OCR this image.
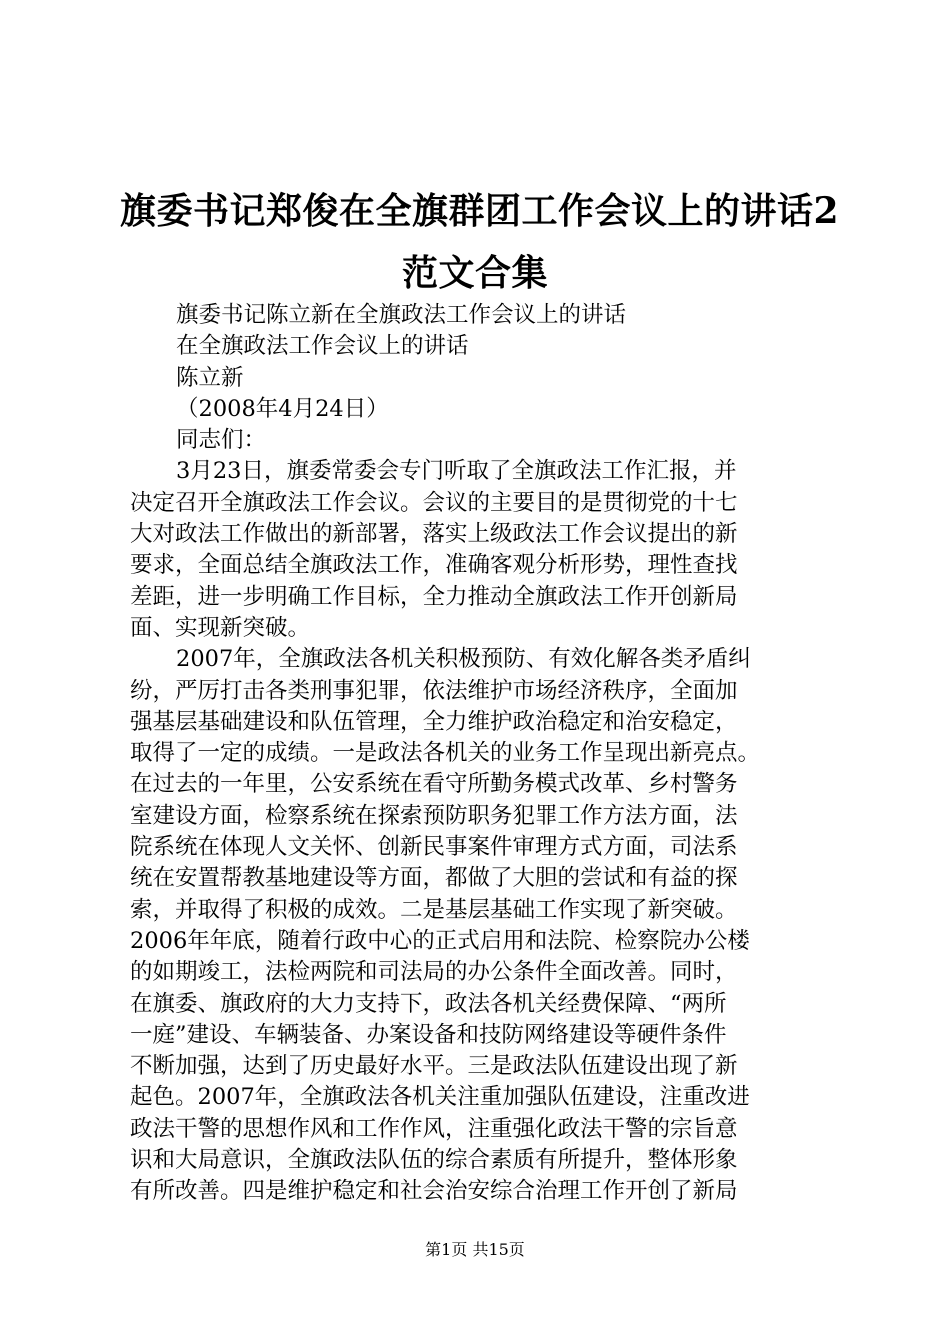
旗委书记郑俊在全旗群团工作会议上的讲话2
范文合集
旗委书记陈立新在全旗政法工作会议上的讲话
在全旗政法工作会议上的讲话
陈立新
（2008年4月24日）
同志们：
3月23日，旗委常委会专门听取了全旗政法工作汇报，并
决定召开全旗政法工作会议。会议的主要目的是贯彻党的十七
大对政法工作做出的新部署，落实上级政法工作会议提出的新
要求，全面总结全旗政法工作，准确客观分析形势，理性查找
差距，进一步明确工作目标，全力推动全旗政法工作开创新局
面、实现新突破。
2007年，全旗政法各机关积极预防、有效化解各类矛盾纠
纷，严厉打击各类刑事犯罪，依法维护市场经济秩序，全面加
强基层基础建设和队伍管理，全力维护政治稳定和治安稳定，
取得了一定的成绩。一是政法各机关的业务工作呈现出新亮点。
在过去的一年里，公安系统在看守所勤务模式改革、乡村警务
室建设方面，检察系统在探索预防职务犯罪工作方法方面，法
院系统在体现人文关怀、创新民事案件审理方式方面，司法系
统在安置帮教基地建设等方面，都做了大胆的尝试和有益的探
索，并取得了积极的成效。二是基层基础工作实现了新突破。
2006年年底，随着行政中心的正式启用和法院、检察院办公楼
的如期竣工，法检两院和司法局的办公条件全面改善。同时，
在旗委、旗政府的大力支持下，政法各机关经费保障、“两所
一庭”建设、车辆装备、办案设备和技防网络建设等硬件条件
不断加强，达到了历史最好水平。三是政法队伍建设出现了新
起色。2007年，全旗政法各机关注重加强队伍建设，注重改进
政法干警的思想作风和工作作风，注重强化政法干警的宗旨意
识和大局意识，全旗政法队伍的综合素质有所提升，整体形象
有所改善。四是维护稳定和社会治安综合治理工作开创了新局
第1页 共15页
